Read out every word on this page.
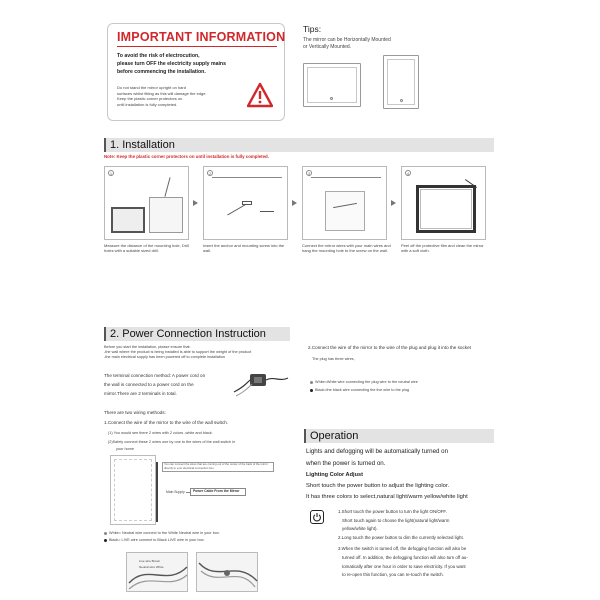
IMPORTANT INFORMATION
To avoid the risk of electrocution,
please turn OFF the electricity supply mains
before commencing the installation.
Do not stand the mirror upright on hard
surfaces whilst fitting as this will damage the edge.
Keep the plastic corner protectors on
until installation is fully completed.
Tips:
The mirror can be Horizontally Mounted
or Vertically Mounted.
1. Installation
Note: Keep the plastic corner protectors on until installation is fully completed.
1
Measure the distance of the mounting hole, Drill holes with a suitable sized drill.
2
Insert the anchor and mounting screw into the wall.
3
Connect the mirror wires with your main wires and hang the mounting hole to the screw on the wall.
4
Peel off the protective film and clean the mirror with a soft cloth.
2. Power Connection Instruction
Before you start the installation, please ensure that:
-the wall where the product is being installed is able to support the weight of the product
-the main electrical supply has been powered off to complete installation
The terminal connection method: A power cord on
the wall is connected to a power cord on the
mirror.There are 2 terminals in total.
There are two wiring methods:
1.Connect the wire of the mirror to the wire of the wall switch.
(1) You would see there 2 wires with 2 colors -white and black.
(2)Safely connect these 2 wires one by one to the wires of the wall switch in
your home
You can connect the wires that are coming out of the center of the back of the mirror directly to your electrical connection box.
Main Supply Power Cable From the Mirror
White= Neutral wire connect to the White Neutral wire in your box.
Black= LIVE wire connect to Black LIVE wire in your box.
Live wire Brown
Neutral wire White
2.Connect the wire of the mirror to the wire of the plug and plug it into the socket
The plug has three wires,
White=White wire connecting the plug wire to the neutral wire
Black=the black wire connecting the live wire to the plug
Operation
Lights and defogging will be automatically turned on
when the power is turned on.
Lighting Color Adjust
Short touch the power button to adjust the lighting color.
It has three colors to select,natural light/warm yellow/white light
1.Short touch the power button to turn the light ON/OFF.
Short touch again to choose the light(natural light/warm
yellow/white light).
2.Long touch the power button to dim the currently selected light.
3.When the switch is turned off, the defogging function will also be
turned off. In addition, the defogging function will also turn off au-
tomatically after one hour in order to save electricity. If you want
to re-open this function, you can re-touch the switch.
